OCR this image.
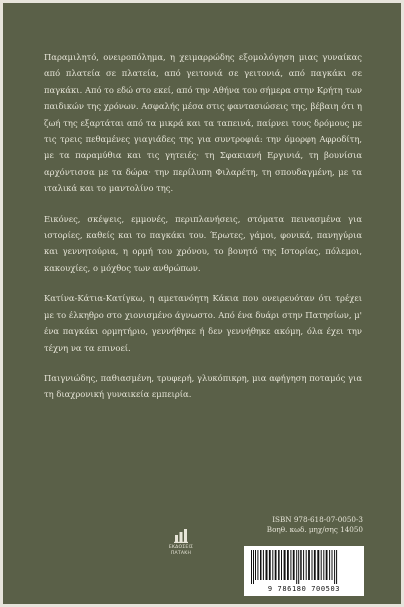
Παραμιλητό, ονειροπόλημα, η χειμαρρώδης εξομολόγηση μιας γυναίκας από πλατεία σε πλατεία, από γειτονιά σε γειτονιά, από παγκάκι σε παγκάκι. Από το εδώ στο εκεί, από την Αθήνα του σήμερα στην Κρήτη των παιδικών της χρόνων. Ασφαλής μέσα στις φαντασιώσεις της, βέβαιη ότι η ζωή της εξαρτάται από τα μικρά και τα ταπεινά, παίρνει τους δρόμους με τις τρεις πεθαμένες γιαγιάδες της για συντροφιά: την όμορφη Αφροδίτη, με τα παραμύθια και τις γητειές· τη Σφακιανή Εργινιά, τη βουνίσια αρχόντισσα με τα δώρα· την περίλυπη Φιλαρέτη, τη σπουδαγμένη, με τα ιταλικά και το μαντολίνο της.

Εικόνες, σκέψεις, εμμονές, περιπλανήσεις, στόματα πεινασμένα για ιστορίες, καθείς και το παγκάκι του. Έρωτες, γάμοι, φονικά, πανηγύρια και γεννητούρια, η ορμή του χρόνου, το βουητό της Ιστορίας, πόλεμοι, κακουχίες, ο μόχθος των ανθρώπων.

Κατίνα-Κάτια-Κατίγκω, η αμετανόητη Κάκια που ονειρευόταν ότι τρέχει με το έλκηθρο στο χιονισμένο άγνωστο. Από ένα δυάρι στην Πατησίων, μ' ένα παγκάκι ορμητήριο, γεννήθηκε ή δεν γεννήθηκε ακόμη, όλα έχει την τέχνη να τα επινοεί.

Παιγνιώδης, παθιασμένη, τρυφερή, γλυκόπικρη, μια αφήγηση ποταμός για τη διαχρονική γυναικεία εμπειρία.

ISBN 978-618-07-0050-3
Βοηθ. κωδ. μηχ/σης 14050
ΕΚΔΟΣΕΙΣ
ΠΑΤΑΚΗ
9 786180 700503
